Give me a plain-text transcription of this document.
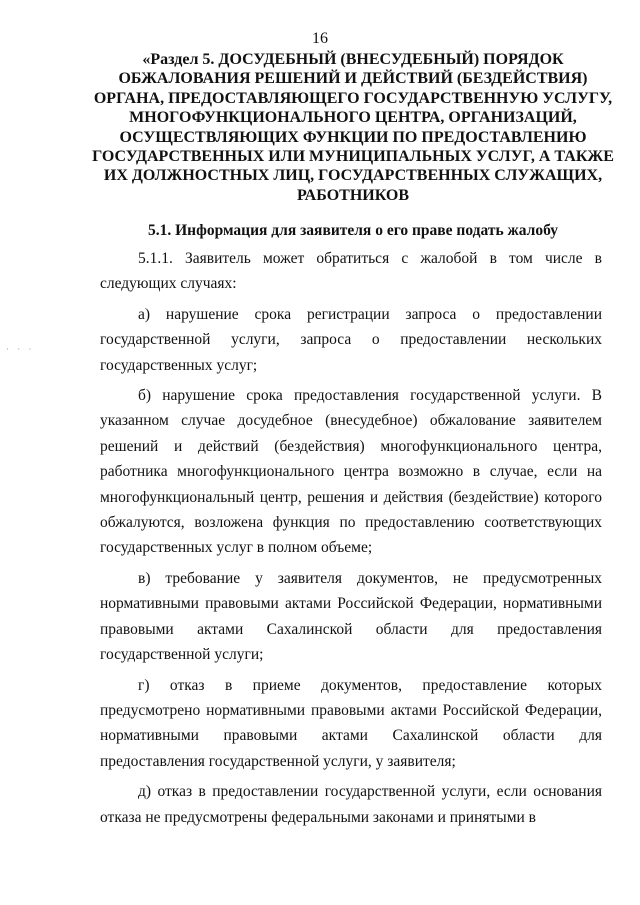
16
«Раздел 5. ДОСУДЕБНЫЙ (ВНЕСУДЕБНЫЙ) ПОРЯДОК ОБЖАЛОВАНИЯ РЕШЕНИЙ И ДЕЙСТВИЙ (БЕЗДЕЙСТВИЯ) ОРГАНА, ПРЕДОСТАВЛЯЮЩЕГО ГОСУДАРСТВЕННУЮ УСЛУГУ, МНОГОФУНКЦИОНАЛЬНОГО ЦЕНТРА, ОРГАНИЗАЦИЙ, ОСУЩЕСТВЛЯЮЩИХ ФУНКЦИИ ПО ПРЕДОСТАВЛЕНИЮ ГОСУДАРСТВЕННЫХ ИЛИ МУНИЦИПАЛЬНЫХ УСЛУГ, А ТАКЖЕ ИХ ДОЛЖНОСТНЫХ ЛИЦ, ГОСУДАРСТВЕННЫХ СЛУЖАЩИХ, РАБОТНИКОВ
5.1. Информация для заявителя о его праве подать жалобу
· · ·

5.1.1. Заявитель может обратиться с жалобой в том числе в следующих случаях:

а) нарушение срока регистрации запроса о предоставлении государственной услуги, запроса о предоставлении нескольких государственных услуг;

б) нарушение срока предоставления государственной услуги. В указанном случае досудебное (внесудебное) обжалование заявителем решений и действий (бездействия) многофункционального центра, работника многофункционального центра возможно в случае, если на многофункциональный центр, решения и действия (бездействие) которого обжалуются, возложена функция по предоставлению соответствующих государственных услуг в полном объеме;

в) требование у заявителя документов, не предусмотренных нормативными правовыми актами Российской Федерации, нормативными правовыми актами Сахалинской области для предоставления государственной услуги;

г) отказ в приеме документов, предоставление которых предусмотрено нормативными правовыми актами Российской Федерации, нормативными правовыми актами Сахалинской области для предоставления государственной услуги, у заявителя;

д) отказ в предоставлении государственной услуги, если основания отказа не предусмотрены федеральными законами и принятыми в
